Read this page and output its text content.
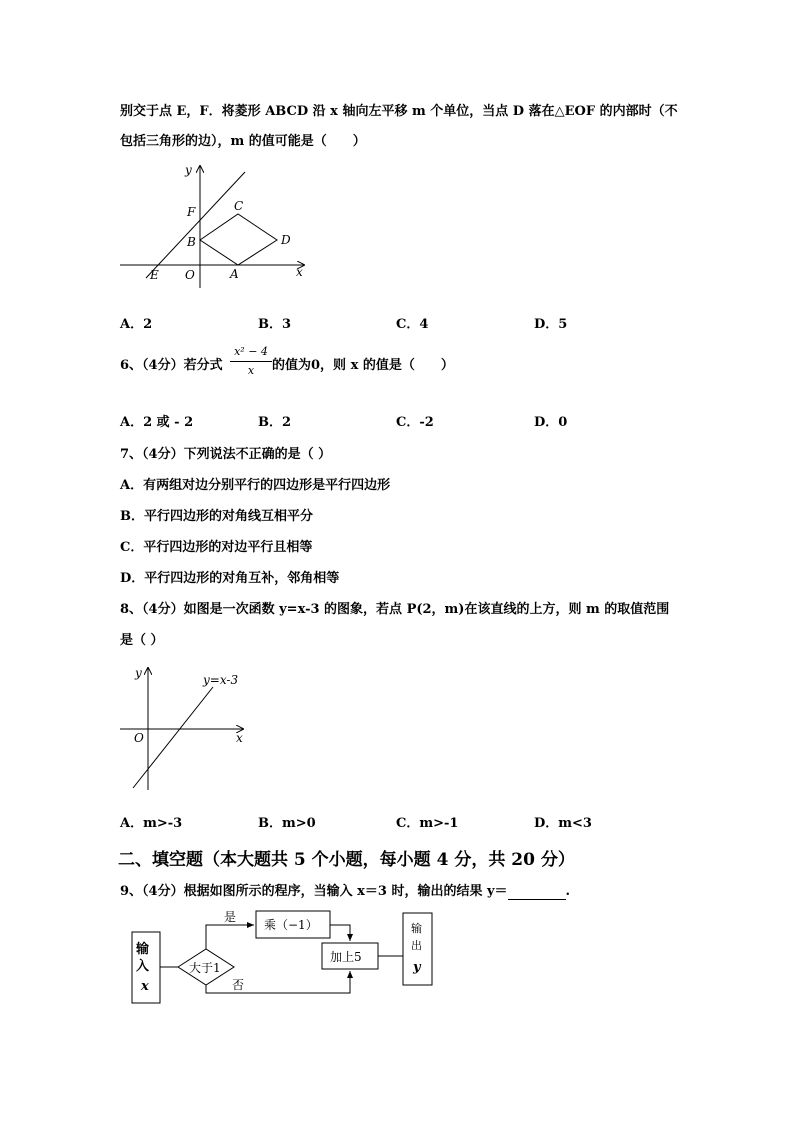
别交于点 E，F．将菱形 ABCD 沿 x 轴向左平移 m 个单位，当点 D 落在△EOF 的内部时（不
包括三角形的边），m 的值可能是（　　）
y
x
F	C
B	D
E O	A
A．2	B．3	C．4	D．5
6、（4分）若分式
x² − 4
x	的值为0，则 x 的值是（　　）
A．2 或 - 2	B．2	C．-2	D．0
7、（4分）下列说法不正确的是（ ）
A．有两组对边分别平行的四边形是平行四边形
B．平行四边形的对角线互相平分
C．平行四边形的对边平行且相等
D．平行四边形的对角互补，邻角相等
8、（4分）如图是一次函数 y=x-3 的图象，若点 P(2，m)在该直线的上方，则 m 的取值范围
是（ ）
y
x
O
y=x-3
A．m>-3	B．m>0	C．m>-1	D．m<3
二、填空题（本大题共 5 个小题，每小题 4 分，共 20 分）
9、（4分）根据如图所示的程序，当输入 x＝3 时，输出的结果 y＝	.
输
入
x
大于1
是
乘（−1）
加上5
否
输
出
y
